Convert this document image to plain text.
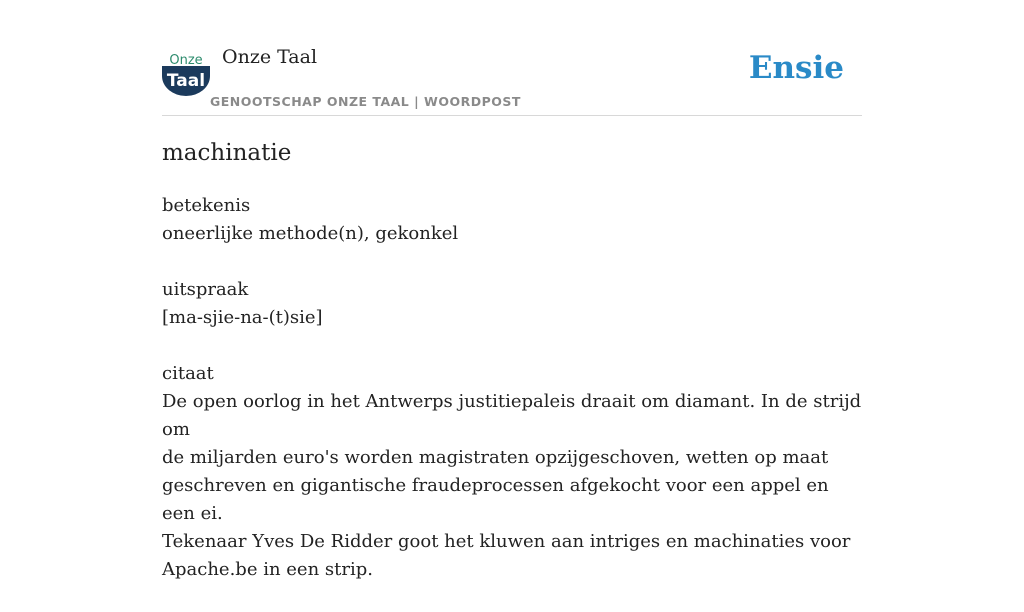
Onze
Taal
Onze Taal
GENOOTSCHAP ONZE TAAL | WOORDPOST
Ensie
machinatie

betekenis

oneerlijke methode(n), gekonkel

uitspraak

[ma-sjie-na-(t)sie]

citaat

De open oorlog in het Antwerps justitiepaleis draait om diamant. In de strijd om

de miljarden euro's worden magistraten opzijgeschoven, wetten op maat

geschreven en gigantische fraudeprocessen afgekocht voor een appel en een ei.

Tekenaar Yves De Ridder goot het kluwen aan intriges en machinaties voor

Apache.be in een strip.
